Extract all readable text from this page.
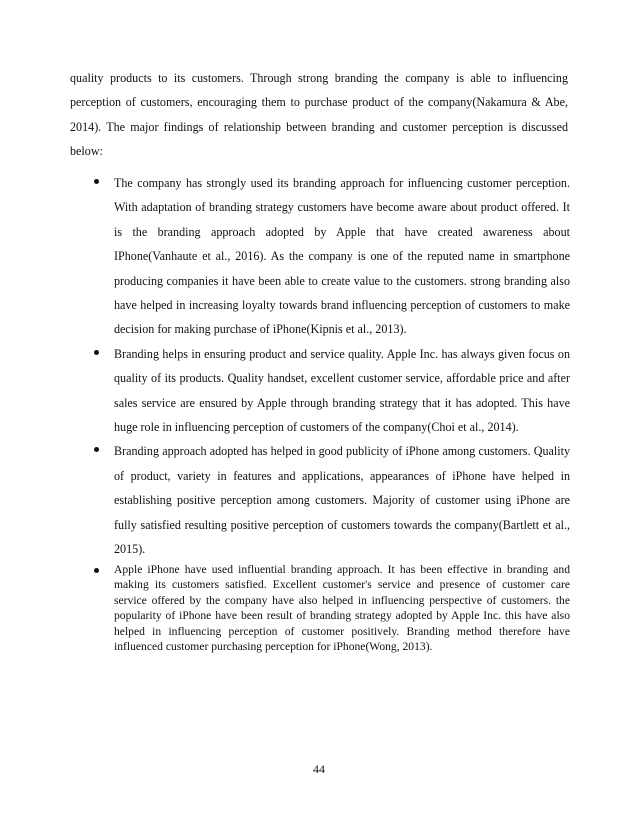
quality products to its customers. Through strong branding the company is able to influencing perception of customers, encouraging them to purchase product of the company(Nakamura & Abe, 2014). The major findings of relationship between branding and customer perception is discussed below:

The company has strongly used its branding approach for influencing customer perception. With adaptation of branding strategy customers have become aware about product offered. It is the branding approach adopted by Apple that have created awareness about IPhone(Vanhaute et al., 2016). As the company is one of the reputed name in smartphone producing companies it have been able to create value to the customers. strong branding also have helped in increasing loyalty towards brand influencing perception of customers to make decision for making purchase of iPhone(Kipnis et al., 2013).

Branding helps in ensuring product and service quality. Apple Inc. has always given focus on quality of its products. Quality handset, excellent customer service, affordable price and after sales service are ensured by Apple through branding strategy that it has adopted. This have huge role in influencing perception of customers of the company(Choi et al., 2014).

Branding approach adopted has helped in good publicity of iPhone among customers. Quality of product, variety in features and applications, appearances of iPhone have helped in establishing positive perception among customers. Majority of customer using iPhone are fully satisfied resulting positive perception of customers towards the company(Bartlett et al., 2015).

Apple iPhone have used influential branding approach. It has been effective in branding and making its customers satisfied. Excellent customer's service and presence of customer care service offered by the company have also helped in influencing perspective of customers. the popularity of iPhone have been result of branding strategy adopted by Apple Inc. this have also helped in influencing perception of customer positively. Branding method therefore have influenced customer purchasing perception for iPhone(Wong, 2013).

44
